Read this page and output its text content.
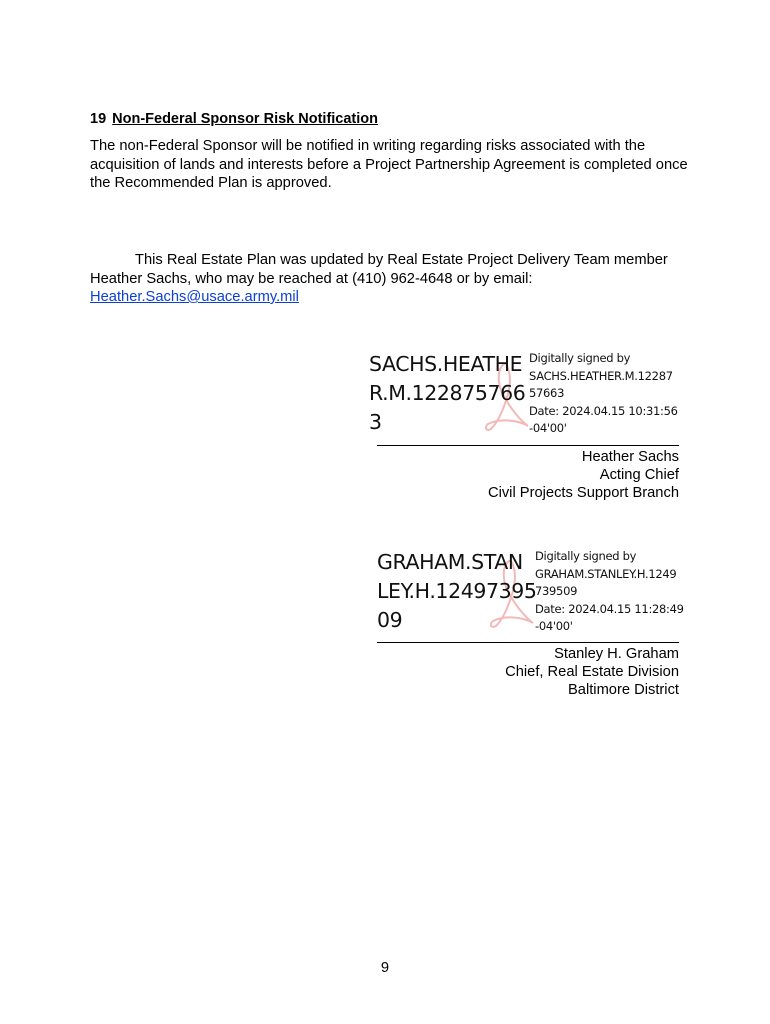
19 Non-Federal Sponsor Risk Notification

The non-Federal Sponsor will be notified in writing regarding risks associated with the acquisition of lands and interests before a Project Partnership Agreement is completed once the Recommended Plan is approved.

This Real Estate Plan was updated by Real Estate Project Delivery Team member Heather Sachs, who may be reached at (410) 962-4648 or by email:
Heather.Sachs@usace.army.mil

SACHS.HEATHE
R.M.122875766
3
Digitally signed by
SACHS.HEATHER.M.12287
57663
Date: 2024.04.15 10:31:56
-04'00'
Heather Sachs
Acting Chief
Civil Projects Support Branch
GRAHAM.STAN
LEY.H.12497395
09
Digitally signed by
GRAHAM.STANLEY.H.1249
739509
Date: 2024.04.15 11:28:49
-04'00'
Stanley H. Graham
Chief, Real Estate Division
Baltimore District
9
